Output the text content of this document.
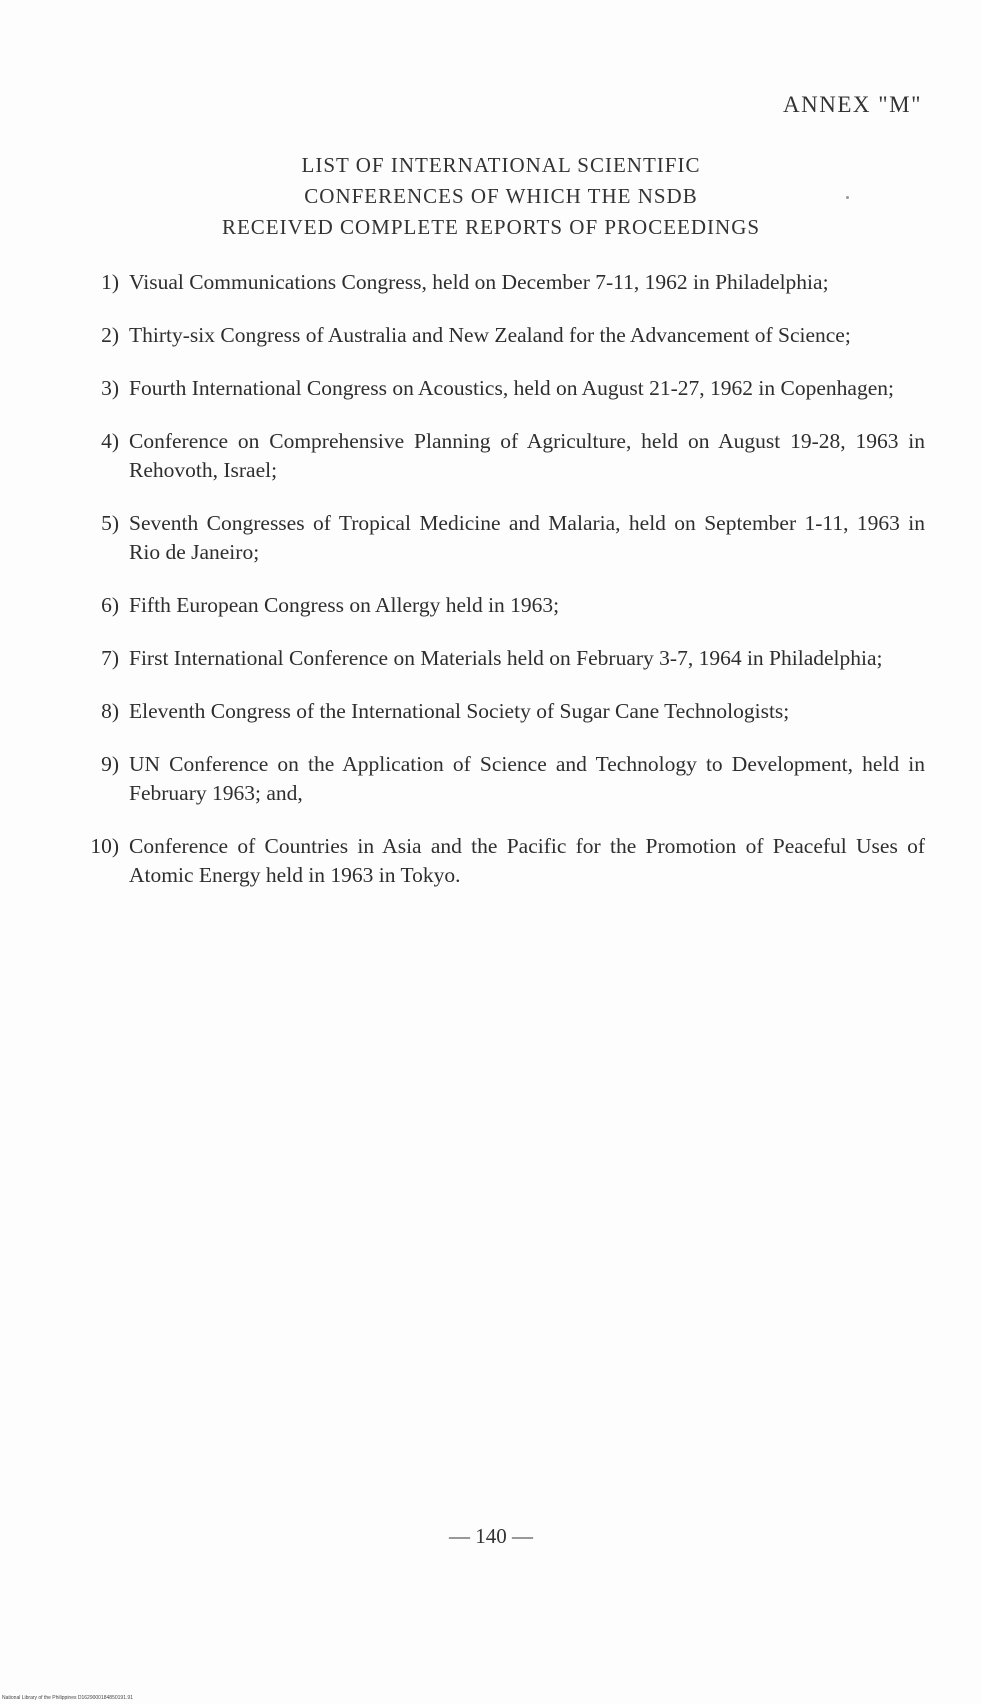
ANNEX "M"
LIST OF INTERNATIONAL SCIENTIFIC
CONFERENCES OF WHICH THE NSDB
RECEIVED COMPLETE REPORTS OF PROCEEDINGS
1) Visual Communications Congress, held on December 7-11, 1962 in Philadelphia;
2) Thirty-six Congress of Australia and New Zealand for the Advancement of Science;
3) Fourth International Congress on Acoustics, held on August 21-27, 1962 in Copenhagen;
4) Conference on Comprehensive Planning of Agriculture, held on August 19-28, 1963 in Rehovoth, Israel;
5) Seventh Congresses of Tropical Medicine and Malaria, held on September 1-11, 1963 in Rio de Janeiro;
6) Fifth European Congress on Allergy held in 1963;
7) First International Conference on Materials held on February 3-7, 1964 in Philadelphia;
8) Eleventh Congress of the International Society of Sugar Cane Technologists;
9) UN Conference on the Application of Science and Technology to Development, held in February 1963; and,
10) Conference of Countries in Asia and the Pacific for the Promotion of Peaceful Uses of Atomic Energy held in 1963 in Tokyo.
— 140 —
National Library of the Philippines D1629000184850191.91
